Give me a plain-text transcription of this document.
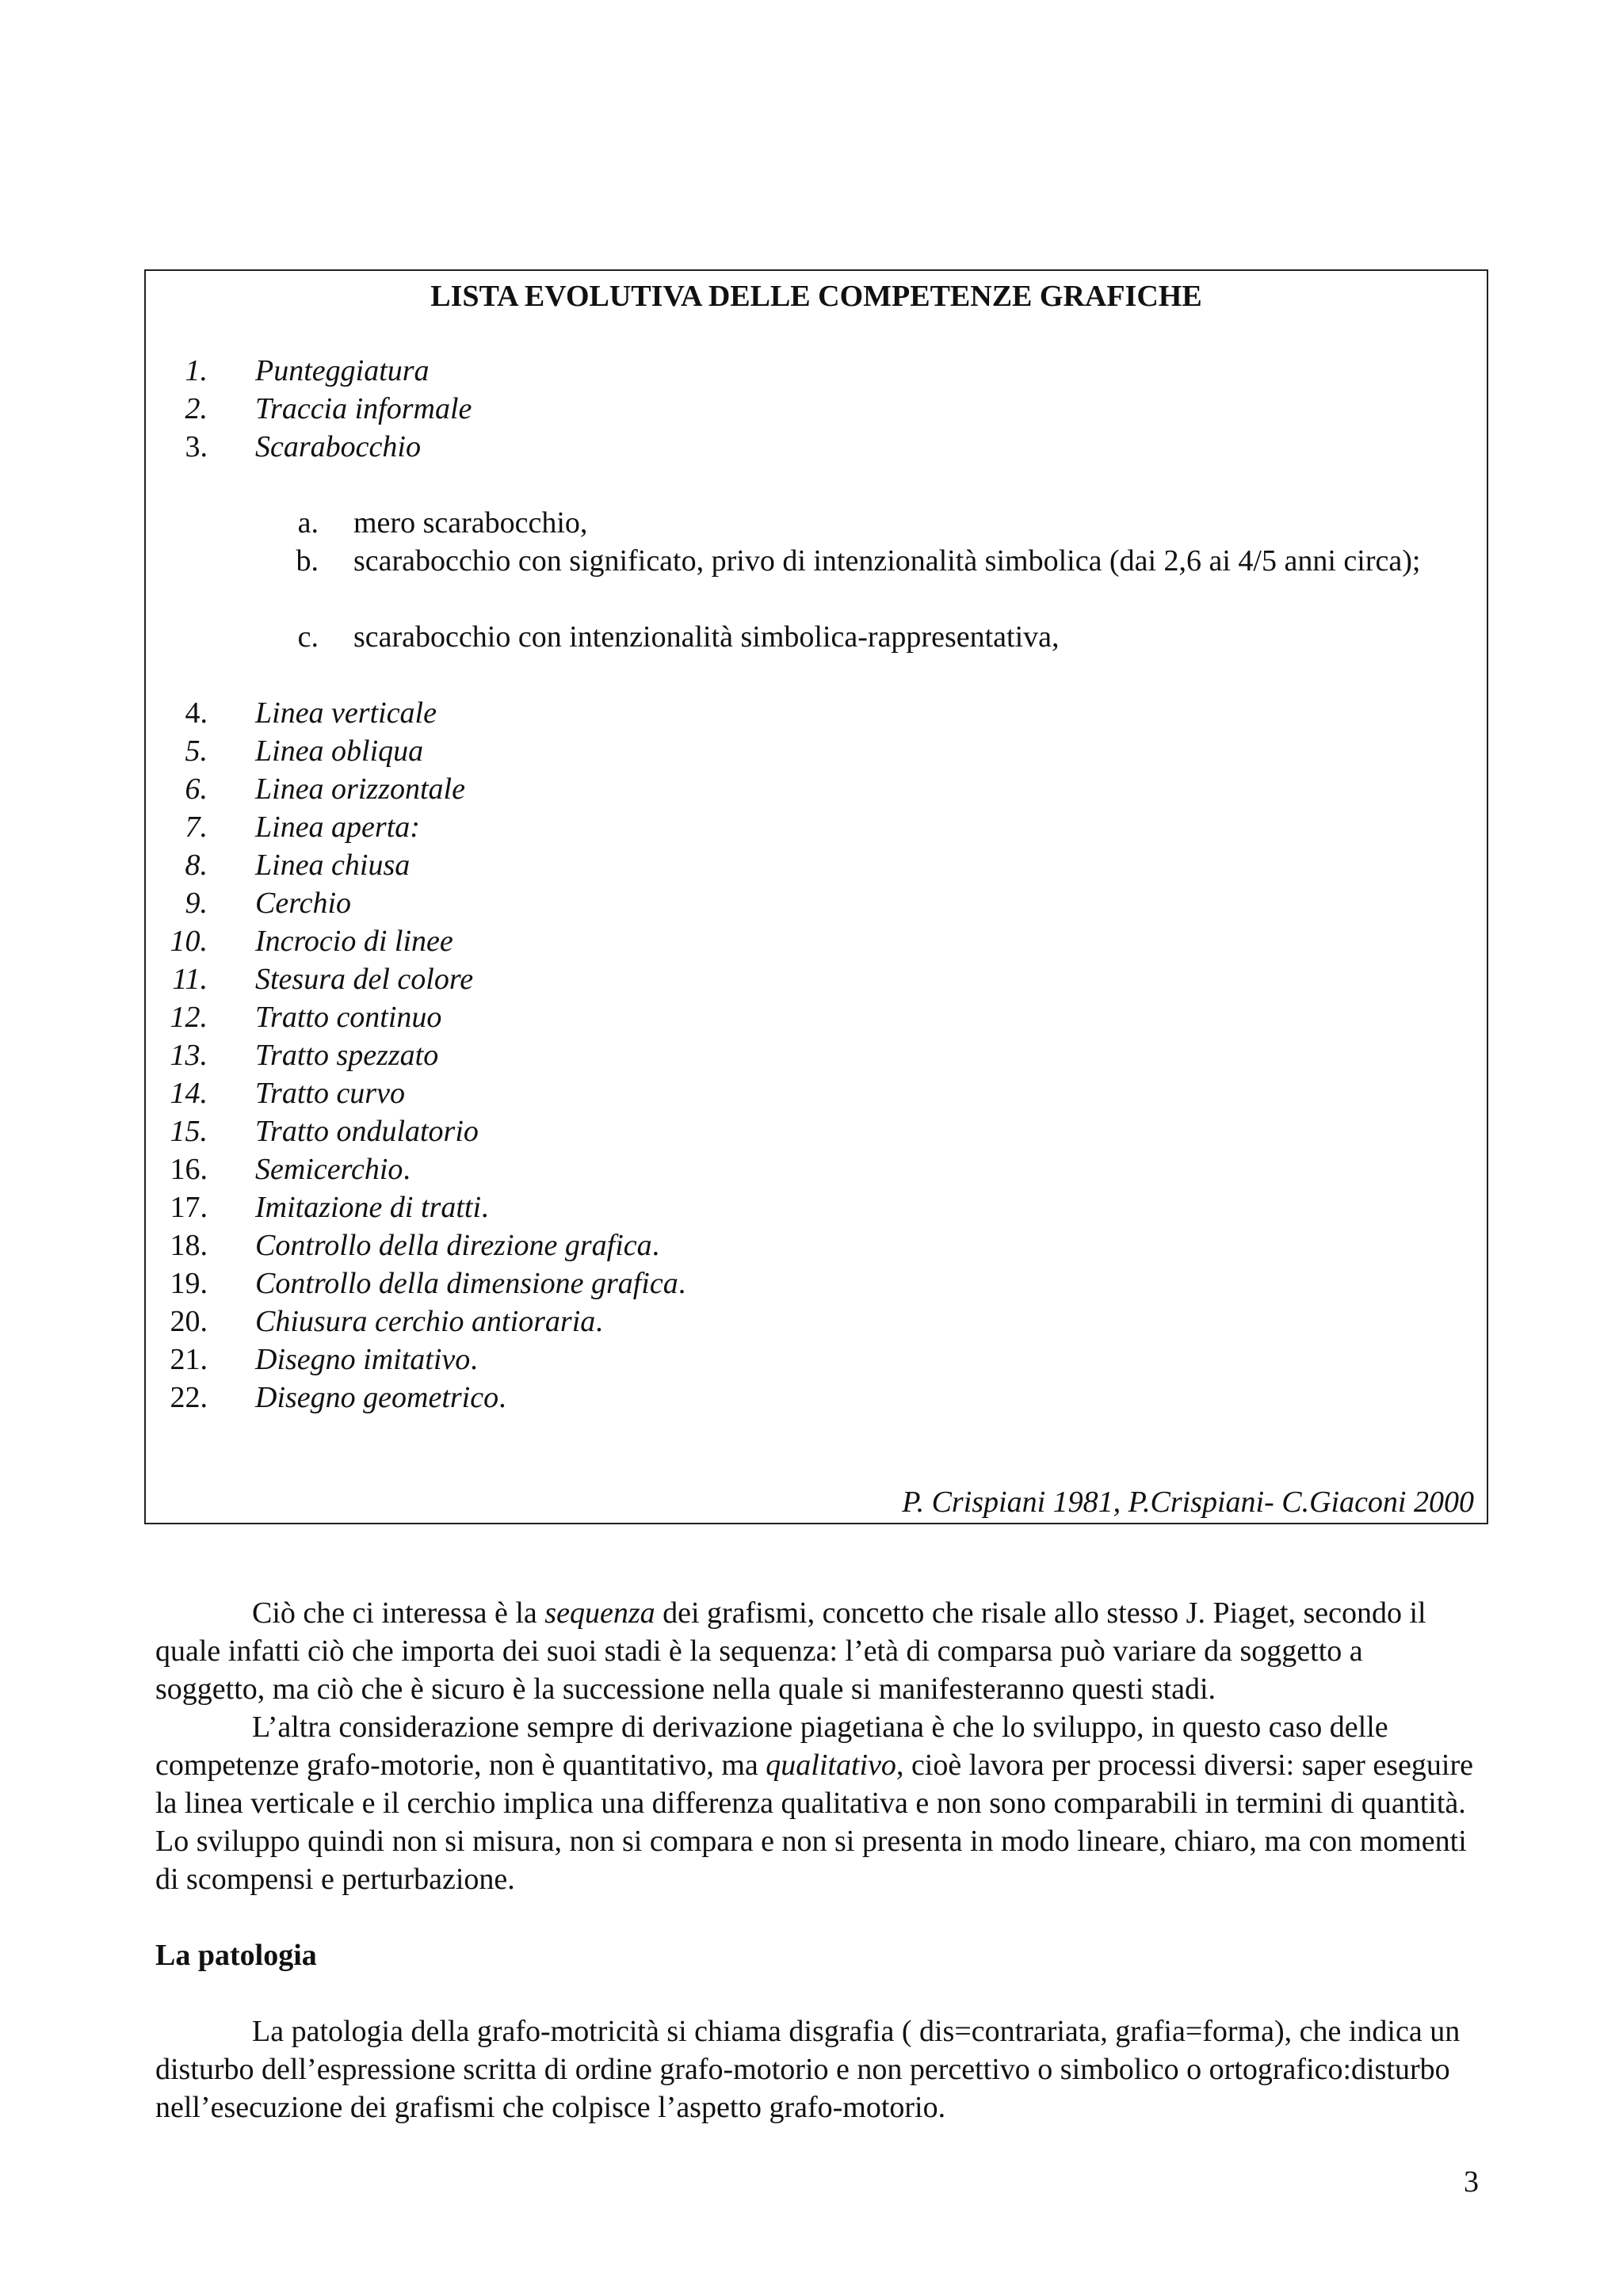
LISTA EVOLUTIVA DELLE COMPETENZE GRAFICHE
1. Punteggiatura
2. Traccia informale
3. Scarabocchio
a. mero scarabocchio,
b. scarabocchio con significato, privo di intenzionalità simbolica (dai 2,6 ai 4/5 anni circa);
c. scarabocchio con intenzionalità simbolica-rappresentativa,
4. Linea verticale
5. Linea obliqua
6. Linea orizzontale
7. Linea aperta:
8. Linea chiusa
9. Cerchio
10. Incrocio di linee
11. Stesura del colore
12. Tratto continuo
13. Tratto spezzato
14. Tratto curvo
15. Tratto ondulatorio
16. Semicerchio.
17. Imitazione di tratti.
18. Controllo della direzione grafica.
19. Controllo della dimensione grafica.
20. Chiusura cerchio antioraria.
21. Disegno imitativo.
22. Disegno geometrico.
P. Crispiani 1981, P.Crispiani- C.Giaconi 2000
Ciò che ci interessa è la sequenza dei grafismi, concetto che risale allo stesso J. Piaget, secondo il quale infatti ciò che importa dei suoi stadi è la sequenza: l’età di comparsa può variare da soggetto a soggetto, ma ciò che è sicuro è la successione nella quale si manifesteranno questi stadi.
L’altra considerazione sempre di derivazione piagetiana è che lo sviluppo, in questo caso delle competenze grafo-motorie, non è quantitativo, ma qualitativo, cioè lavora per processi diversi: saper eseguire la linea verticale e il cerchio implica una differenza qualitativa e non sono comparabili in termini di quantità. Lo sviluppo quindi non si misura, non si compara e non si presenta in modo lineare, chiaro, ma con momenti di scompensi e perturbazione.
La patologia
La patologia della grafo-motricità si chiama disgrafia ( dis=contrariata, grafia=forma), che indica un disturbo dell’espressione scritta di ordine grafo-motorio e non percettivo o simbolico o ortografico:disturbo nell’esecuzione dei grafismi che colpisce l’aspetto grafo-motorio.
3
